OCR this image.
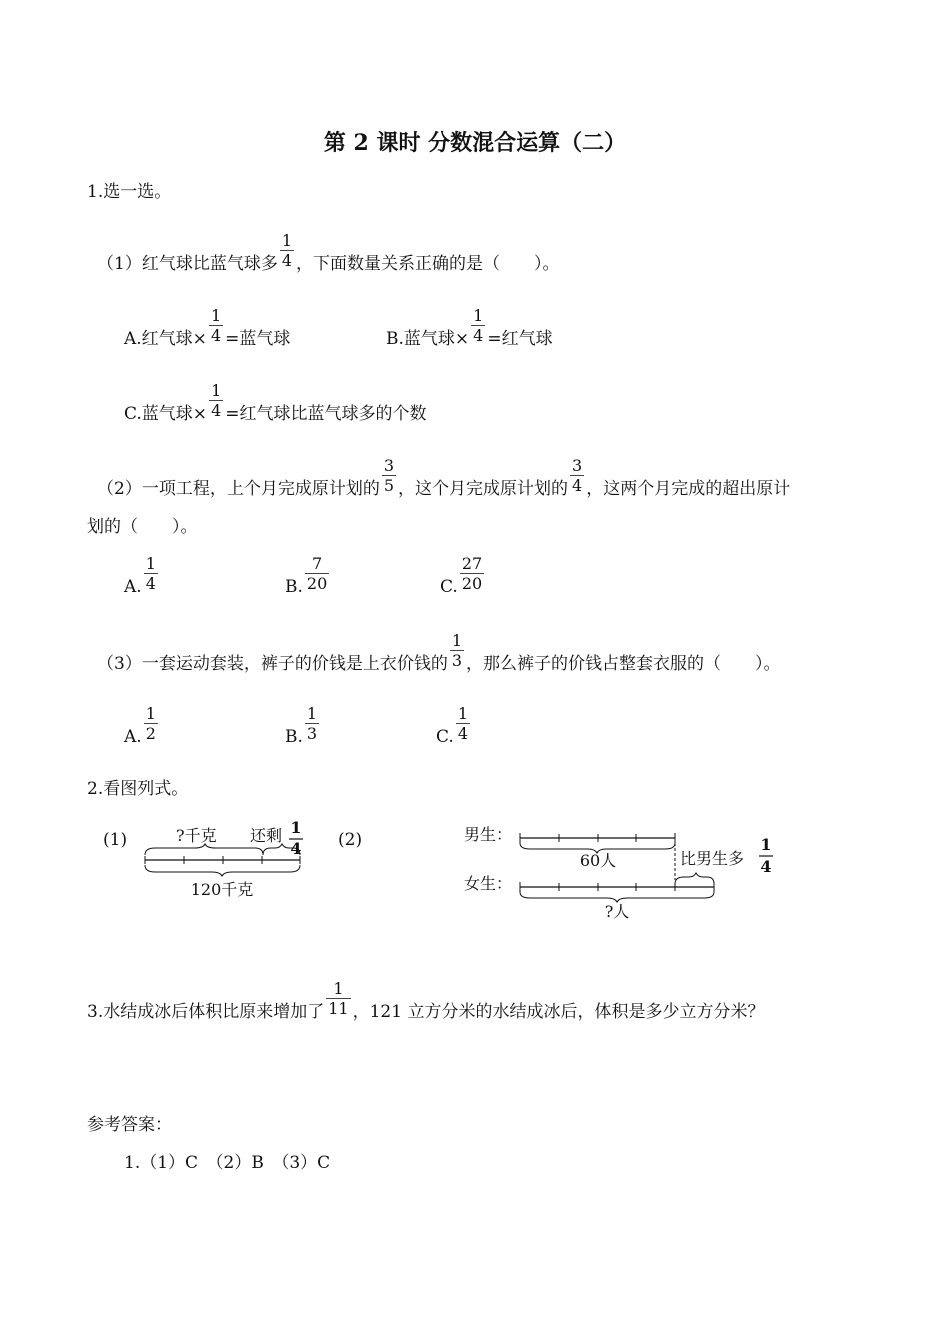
第 2 课时 分数混合运算（二）
1.选一选。
（1）红气球比蓝气球多 $\frac{1}{4}$ ，下面数量关系正确的是（　　）。
A.红气球× $\frac{1}{4}$ =蓝气球	B.蓝气球× $\frac{1}{4}$ =红气球
C.蓝气球× $\frac{1}{4}$ =红气球比蓝气球多的个数
（2）一项工程，上个月完成原计划的 $\frac{3}{5}$ ，这个月完成原计划的 $\frac{3}{4}$ ，这两个月完成的超出原计
划的（　　）。
A. $\frac{1}{4}$	B. $\frac{7}{20}$	C. $\frac{27}{20}$
（3）一套运动套装，裤子的价钱是上衣价钱的 $\frac{1}{3}$ ，那么裤子的价钱占整套衣服的（　　）。
A. $\frac{1}{2}$	B. $\frac{1}{3}$	C. $\frac{1}{4}$
2.看图列式。
(1)	?千克 还剩 1
4
120千克
(2)	男生：
60人	比男生多
1
4
女生：
?人
3.水结成冰后体积比原来增加了 $\frac{1}{11}$ ，121 立方分米的水结成冰后，体积是多少立方分米？
参考答案：
1.（1）C　（2）B　（3）C
